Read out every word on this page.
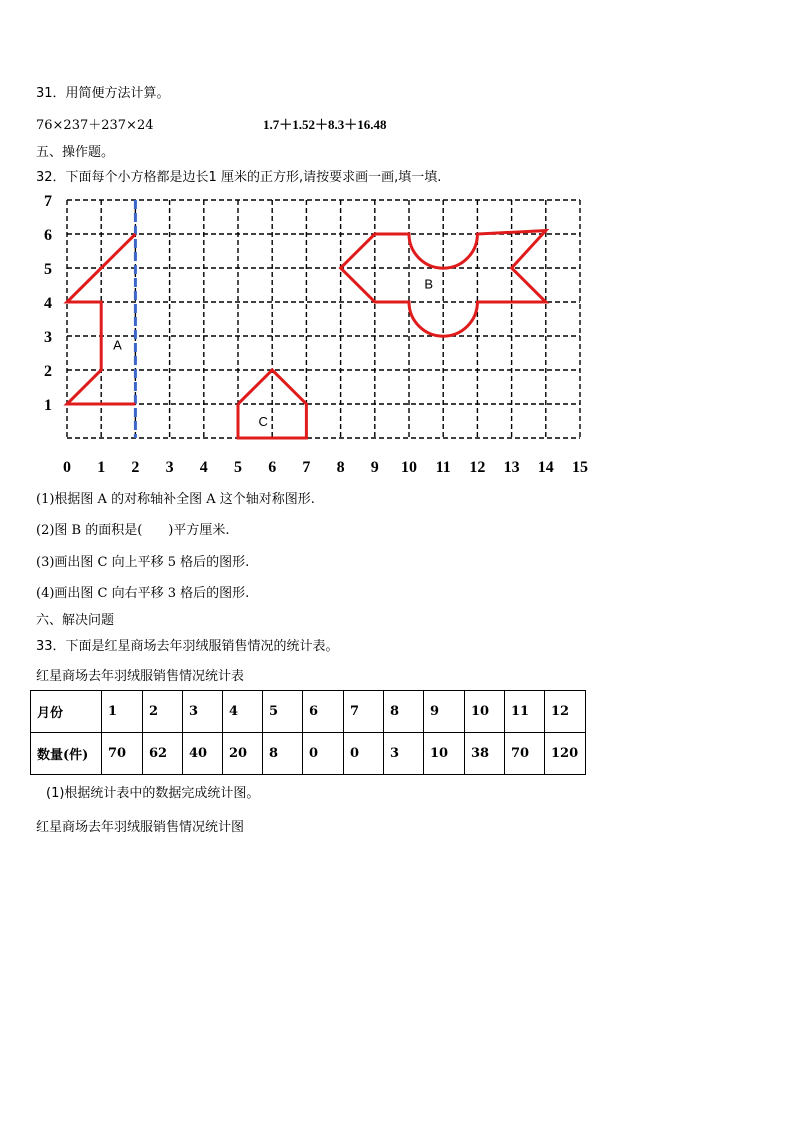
31．用简便方法计算。
76×237＋237×24	1.7＋1.52＋8.3＋16.48
五、操作题。
32．下面每个小方格都是边长1 厘米的正方形,请按要求画一画,填一填.
7
6
5
4
3
2
1
0 1 2 3 4 5 6 7 8 9 10 11 12 13 14 15
A
B
C
(1)根据图 A 的对称轴补全图 A 这个轴对称图形.
(2)图 B 的面积是(　　)平方厘米.
(3)画出图 C 向上平移 5 格后的图形.
(4)画出图 C 向右平移 3 格后的图形.
六、解决问题
33．下面是红星商场去年羽绒服销售情况的统计表。
红星商场去年羽绒服销售情况统计表
月份	1	2	3	4	5	6	7	8	9	10	11	12
数量(件)	70	62	40	20	8	0	0	3	10	38	70	120
(1)根据统计表中的数据完成统计图。
红星商场去年羽绒服销售情况统计图
